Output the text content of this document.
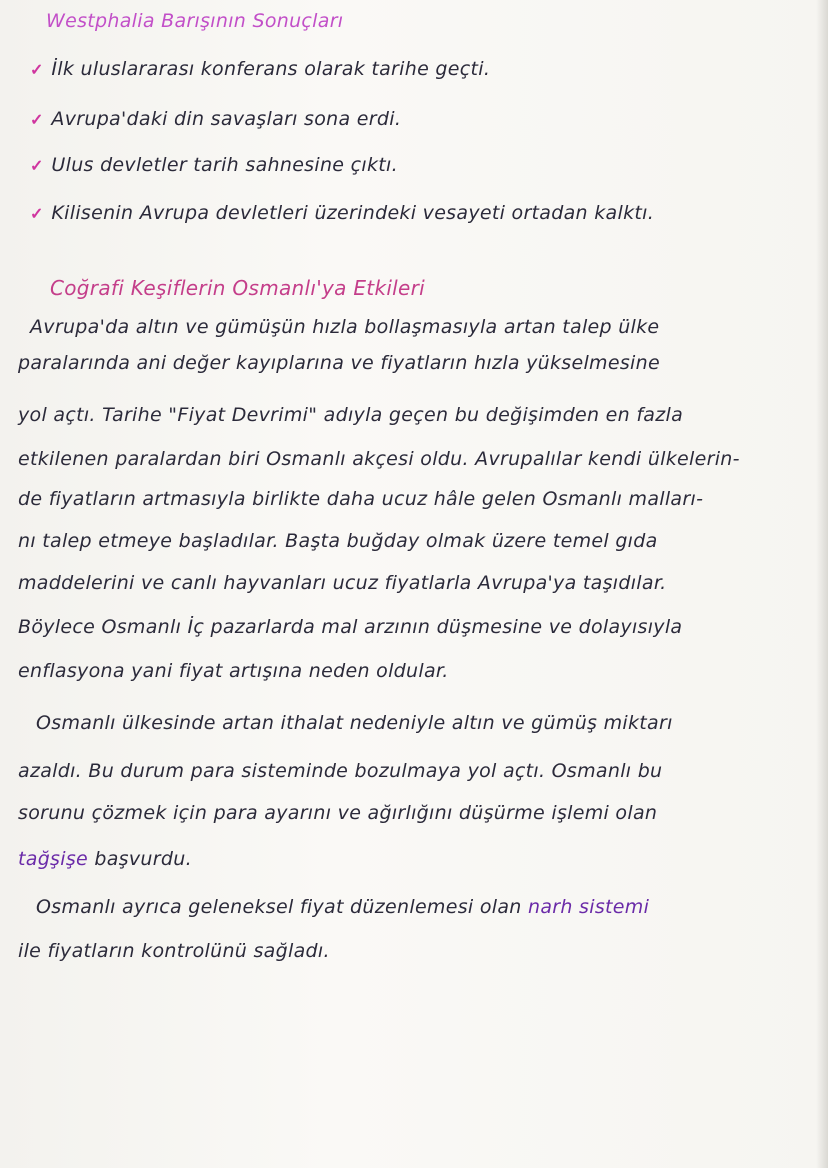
Westphalia Barışının Sonuçları
✓ İlk uluslararası konferans olarak tarihe geçti.
✓ Avrupa'daki din savaşları sona erdi.
✓ Ulus devletler tarih sahnesine çıktı.
✓ Kilisenin Avrupa devletleri üzerindeki vesayeti ortadan kalktı.
Coğrafi Keşiflerin Osmanlı'ya Etkileri
Avrupa'da altın ve gümüşün hızla bollaşmasıyla artan talep ülke
paralarında ani değer kayıplarına ve fiyatların hızla yükselmesine
yol açtı. Tarihe "Fiyat Devrimi" adıyla geçen bu değişimden en fazla
etkilenen paralardan biri Osmanlı akçesi oldu. Avrupalılar kendi ülkelerin-
de fiyatların artmasıyla birlikte daha ucuz hâle gelen Osmanlı malları-
nı talep etmeye başladılar. Başta buğday olmak üzere temel gıda
maddelerini ve canlı hayvanları ucuz fiyatlarla Avrupa'ya taşıdılar.
Böylece Osmanlı İç pazarlarda mal arzının düşmesine ve dolayısıyla
enflasyona yani fiyat artışına neden oldular.
Osmanlı ülkesinde artan ithalat nedeniyle altın ve gümüş miktarı
azaldı. Bu durum para sisteminde bozulmaya yol açtı. Osmanlı bu
sorunu çözmek için para ayarını ve ağırlığını düşürme işlemi olan
tağşişe başvurdu.
Osmanlı ayrıca geleneksel fiyat düzenlemesi olan narh sistemi
ile fiyatların kontrolünü sağladı.
